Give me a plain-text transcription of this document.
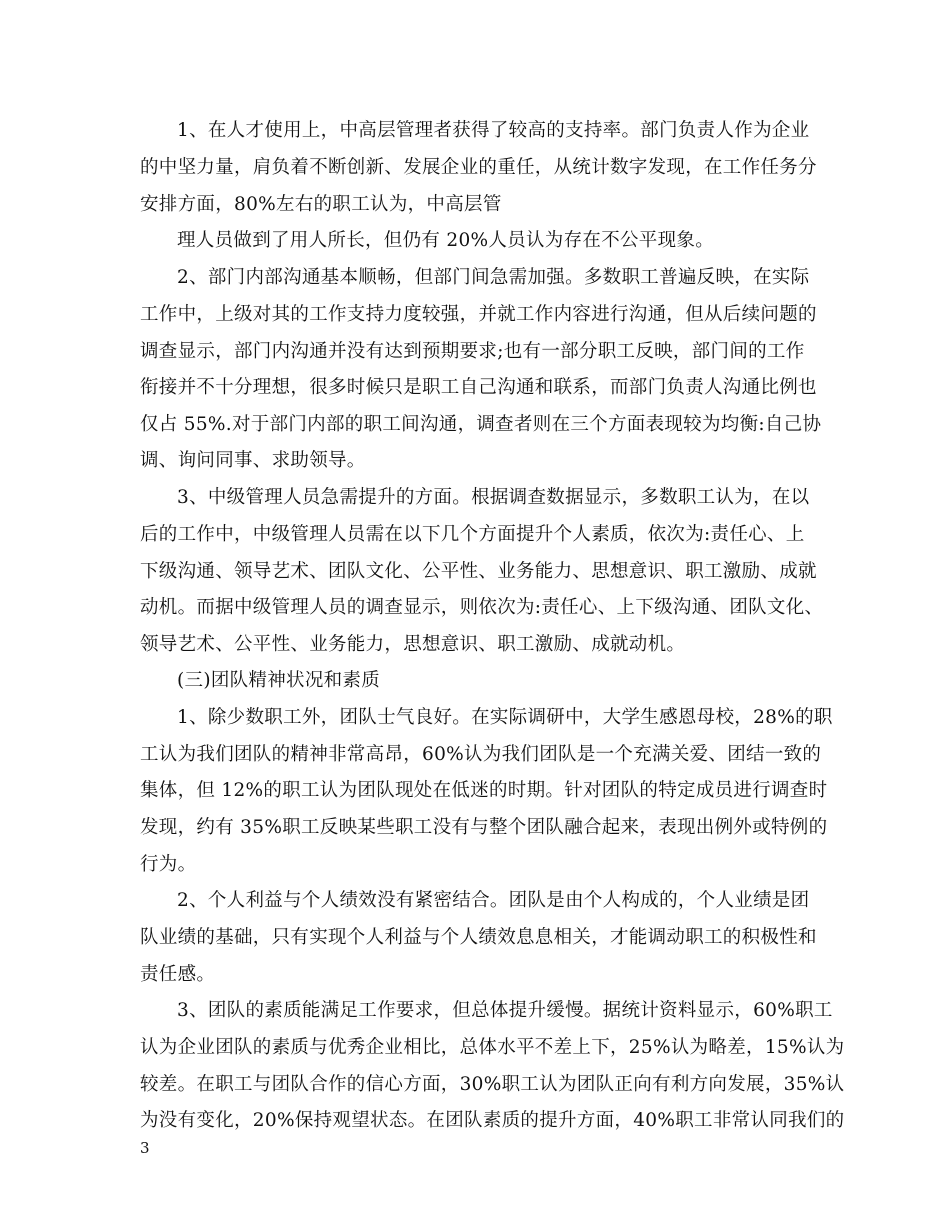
1、在人才使用上，中高层管理者获得了较高的支持率。部门负责人作为企业
的中坚力量，肩负着不断创新、发展企业的重任，从统计数字发现，在工作任务分
安排方面，80%左右的职工认为，中高层管
理人员做到了用人所长，但仍有 20%人员认为存在不公平现象。
2、部门内部沟通基本顺畅，但部门间急需加强。多数职工普遍反映，在实际
工作中，上级对其的工作支持力度较强，并就工作内容进行沟通，但从后续问题的
调查显示，部门内沟通并没有达到预期要求;也有一部分职工反映，部门间的工作
衔接并不十分理想，很多时候只是职工自己沟通和联系，而部门负责人沟通比例也
仅占 55%.对于部门内部的职工间沟通，调查者则在三个方面表现较为均衡:自己协
调、询问同事、求助领导。
3、中级管理人员急需提升的方面。根据调查数据显示，多数职工认为，在以
后的工作中，中级管理人员需在以下几个方面提升个人素质，依次为:责任心、上
下级沟通、领导艺术、团队文化、公平性、业务能力、思想意识、职工激励、成就
动机。而据中级管理人员的调查显示，则依次为:责任心、上下级沟通、团队文化、
领导艺术、公平性、业务能力，思想意识、职工激励、成就动机。
(三)团队精神状况和素质
1、除少数职工外，团队士气良好。在实际调研中，大学生感恩母校，28%的职
工认为我们团队的精神非常高昂，60%认为我们团队是一个充满关爱、团结一致的
集体，但 12%的职工认为团队现处在低迷的时期。针对团队的特定成员进行调查时
发现，约有 35%职工反映某些职工没有与整个团队融合起来，表现出例外或特例的
行为。
2、个人利益与个人绩效没有紧密结合。团队是由个人构成的，个人业绩是团
队业绩的基础，只有实现个人利益与个人绩效息息相关，才能调动职工的积极性和
责任感。
3、团队的素质能满足工作要求，但总体提升缓慢。据统计资料显示，60%职工
认为企业团队的素质与优秀企业相比，总体水平不差上下，25%认为略差，15%认为
较差。在职工与团队合作的信心方面，30%职工认为团队正向有利方向发展，35%认
为没有变化，20%保持观望状态。在团队素质的提升方面，40%职工非常认同我们的
3
